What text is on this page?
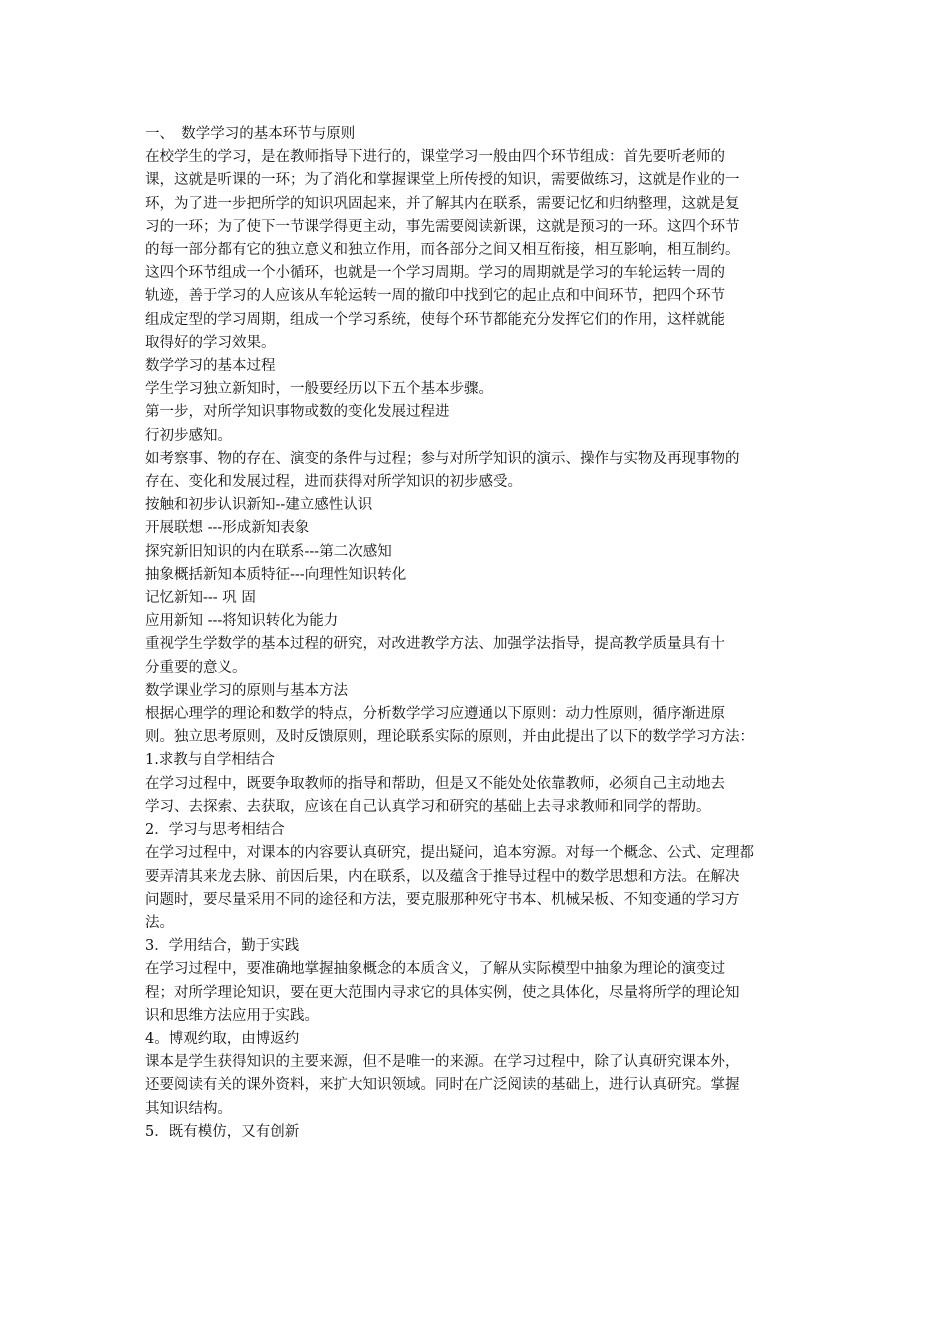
一、　数学学习的基本环节与原则
在校学生的学习，是在教师指导下进行的，课堂学习一般由四个环节组成：首先要听老师的
课，这就是听课的一环；为了消化和掌握课堂上所传授的知识，需要做练习，这就是作业的一
环，为了进一步把所学的知识巩固起来，并了解其内在联系，需要记忆和归纳整理，这就是复
习的一环；为了使下一节课学得更主动，事先需要阅读新课，这就是预习的一环。这四个环节
的每一部分都有它的独立意义和独立作用，而各部分之间又相互衔接，相互影响，相互制约。
这四个环节组成一个小循环，也就是一个学习周期。学习的周期就是学习的车轮运转一周的
轨迹，善于学习的人应该从车轮运转一周的撤印中找到它的起止点和中间环节，把四个环节
组成定型的学习周期，组成一个学习系统，使每个环节都能充分发挥它们的作用，这样就能
取得好的学习效果。
数学学习的基本过程
学生学习独立新知时，一般要经历以下五个基本步骤。
第一步，对所学知识事物或数的变化发展过程进
行初步感知。
如考察事、物的存在、演变的条件与过程；参与对所学知识的演示、操作与实物及再现事物的
存在、变化和发展过程，进而获得对所学知识的初步感受。
按触和初步认识新知--建立感性认识
开展联想 ---形成新知表象
探究新旧知识的内在联系---第二次感知
抽象概括新知本质特征---向理性知识转化
记忆新知--- 巩 固
应用新知 ---将知识转化为能力
重视学生学数学的基本过程的研究，对改进教学方法、加强学法指导，提高教学质量具有十
分重要的意义。
数学课业学习的原则与基本方法
根据心理学的理论和数学的特点，分析数学学习应遵通以下原则：动力性原则，循序渐进原
则。独立思考原则，及时反馈原则，理论联系实际的原则，并由此提出了以下的数学学习方法：
1.求教与自学相结合
在学习过程中，既要争取教师的指导和帮助，但是又不能处处依靠教师，必须自己主动地去
学习、去探索、去获取，应该在自己认真学习和研究的基础上去寻求教师和同学的帮助。
2．学习与思考相结合
在学习过程中，对课本的内容要认真研究，提出疑问，追本穷源。对每一个概念、公式、定理都
要弄清其来龙去脉、前因后果，内在联系，以及蕴含于推导过程中的数学思想和方法。在解决
问题时，要尽量采用不同的途径和方法，要克服那种死守书本、机械呆板、不知变通的学习方
法。
3．学用结合，勤于实践
在学习过程中，要准确地掌握抽象概念的本质含义，了解从实际模型中抽象为理论的演变过
程；对所学理论知识，要在更大范围内寻求它的具体实例，使之具体化，尽量将所学的理论知
识和思维方法应用于实践。
4。博观约取，由博返约
课本是学生获得知识的主要来源，但不是唯一的来源。在学习过程中，除了认真研究课本外，
还要阅读有关的课外资料，来扩大知识领域。同时在广泛阅读的基础上，进行认真研究。掌握
其知识结构。
5．既有模仿，又有创新
